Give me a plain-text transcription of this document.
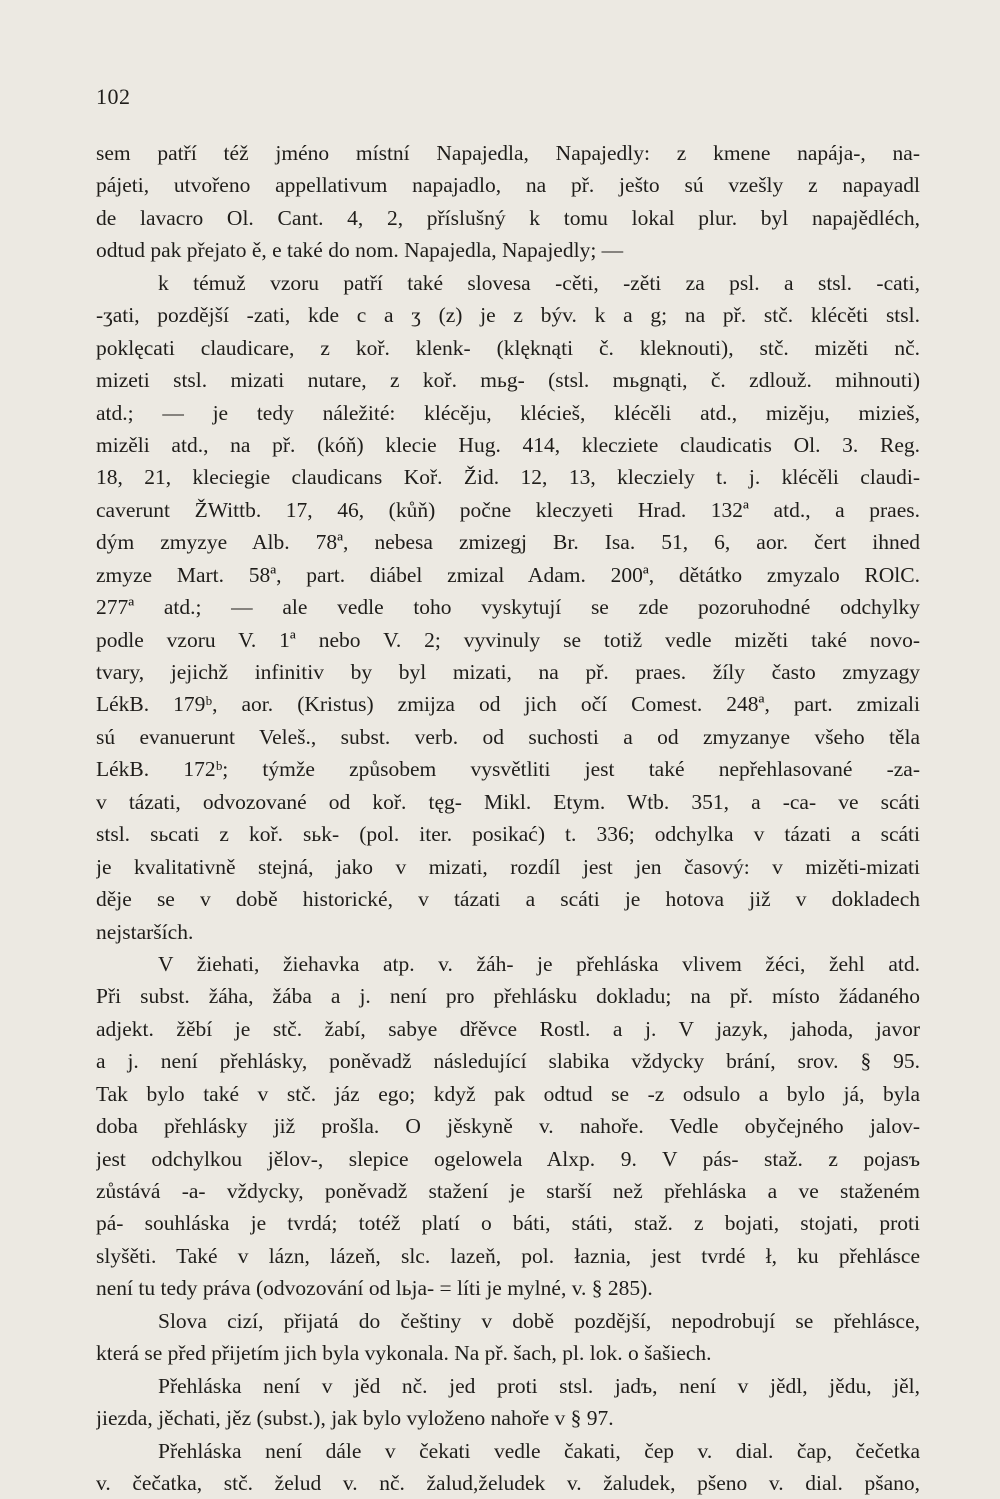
102
sem patří též jméno místní Napajedla, Napajedly: z kmene napája-, na-
pájeti, utvořeno appellativum napajadlo, na př. ješto sú vzešly z napayadl
de lavacro Ol. Cant. 4, 2, příslušný k tomu lokal plur. byl napajědléch,
odtud pak přejato ě, e také do nom. Napajedla, Napajedly; —
k témuž vzoru patří také slovesa -cěti, -zěti za psl. a stsl. -cati,
-ʒati, pozdější -zati, kde c a ʒ (z) je z býv. k a g; na př. stč. klécěti stsl.
poklęcati claudicare, z koř. klenk- (klęknąti č. kleknouti), stč. mizěti nč.
mizeti stsl. mizati nutare, z koř. mьg- (stsl. mьgnąti, č. zdlouž. mihnouti)
atd.; — je tedy náležité: klécěju, klécieš, klécěli atd., mizěju, mizieš,
mizěli atd., na př. (kóň) klecie Hug. 414, klecziete claudicatis Ol. 3. Reg.
18, 21, kleciegie claudicans Koř. Žid. 12, 13, klecziely t. j. klécěli claudi-
caverunt ŽWittb. 17, 46, (kůň) počne kleczyeti Hrad. 132ª atd., a praes.
dým zmyzye Alb. 78ª, nebesa zmizegj Br. Isa. 51, 6, aor. čert ihned
zmyze Mart. 58ª, part. diábel zmizal Adam. 200ª, dětátko zmyzalo ROlC.
277ª atd.; — ale vedle toho vyskytují se zde pozoruhodné odchylky
podle vzoru V. 1ª nebo V. 2; vyvinuly se totiž vedle mizěti také novo-
tvary, jejichž infinitiv by byl mizati, na př. praes. žíly často zmyzagy
LékB. 179ᵇ, aor. (Kristus) zmijza od jich očí Comest. 248ª, part. zmizali
sú evanuerunt Veleš., subst. verb. od suchosti a od zmyzanye všeho těla
LékB. 172ᵇ; týmže způsobem vysvětliti jest také nepřehlasované -za-
v tázati, odvozované od koř. tęg- Mikl. Etym. Wtb. 351, a -ca- ve scáti
stsl. sьcati z koř. sьk- (pol. iter. posikać) t. 336; odchylka v tázati a scáti
je kvalitativně stejná, jako v mizati, rozdíl jest jen časový: v mizěti-mizati
děje se v době historické, v tázati a scáti je hotova již v dokladech
nejstarších.
V žiehati, žiehavka atp. v. žáh- je přehláska vlivem žéci, žehl atd.
Při subst. žáha, žába a j. není pro přehlásku dokladu; na př. místo žádaného
adjekt. žěbí je stč. žabí, sabye dřěvce Rostl. a j. V jazyk, jahoda, javor
a j. není přehlásky, poněvadž následující slabika vždycky brání, srov. § 95.
Tak bylo také v stč. jáz ego; když pak odtud se -z odsulo a bylo já, byla
doba přehlásky již prošla. O jěskyně v. nahoře. Vedle obyčejného jalov-
jest odchylkou jělov-, slepice ogelowela Alxp. 9. V pás- staž. z pojasъ
zůstává -a- vždycky, poněvadž stažení je starší než přehláska a ve staženém
pá- souhláska je tvrdá; totéž platí o báti, státi, staž. z bojati, stojati, proti
slyšěti. Také v lázn, lázeň, slc. lazeň, pol. łaznia, jest tvrdé ł, ku přehlásce
není tu tedy práva (odvozování od lьja- = líti je mylné, v. § 285).
Slova cizí, přijatá do češtiny v době pozdější, nepodrobují se přehlásce,
která se před přijetím jich byla vykonala. Na př. šach, pl. lok. o šašiech.
Přehláska není v jěd nč. jed proti stsl. jadъ, není v jědl, jědu, jěl,
jiezda, jěchati, jěz (subst.), jak bylo vyloženo nahoře v § 97.
Přehláska není dále v čekati vedle čakati, čep v. dial. čap, čečetka
v. čečatka, stč. želud v. nč. žalud,želudek v. žaludek, pšeno v. dial. pšano,
